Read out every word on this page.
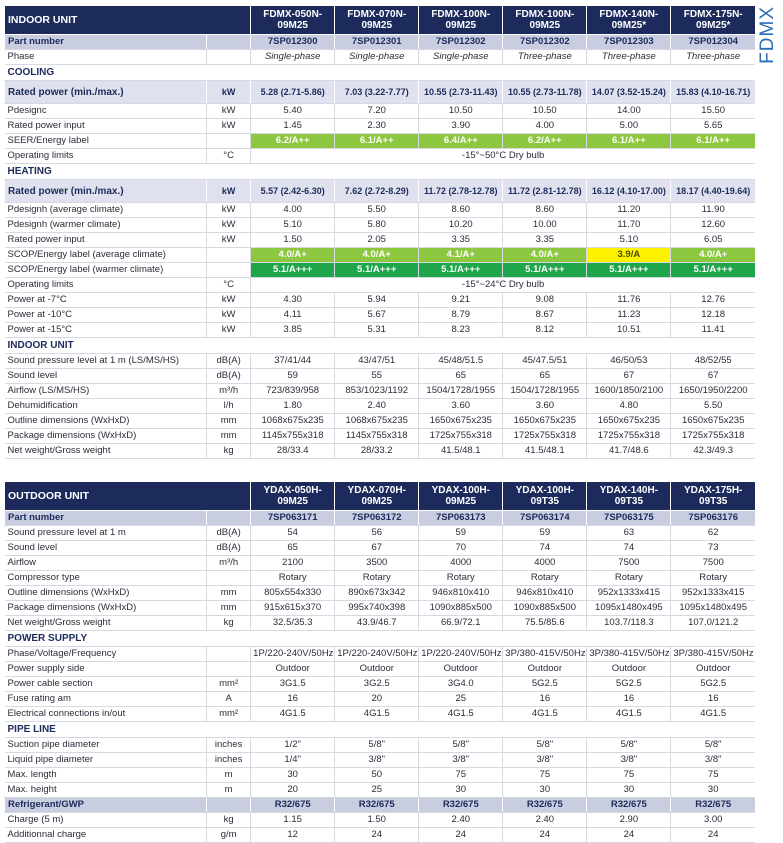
FDMX
INDOOR UNIT		FDMX-050N-09M25	FDMX-070N-09M25	FDMX-100N-09M25	FDMX-100N-09M25	FDMX-140N-09M25*	FDMX-175N-09M25*
Part number		7SP012300	7SP012301	7SP012302	7SP012302	7SP012303	7SP012304
Phase		Single-phase	Single-phase	Single-phase	Three-phase	Three-phase	Three-phase
COOLING							
Rated power (min./max.)	kW	5.28 (2.71-5.86)	7.03 (3.22-7.77)	10.55 (2.73-11.43)	10.55 (2.73-11.78)	14.07 (3.52-15.24)	15.83 (4.10-16.71)
Pdesignc	kW	5.40	7.20	10.50	10.50	14.00	15.50
Rated power input	kW	1.45	2.30	3.90	4.00	5.00	5.65
SEER/Energy label		6.2/A++	6.1/A++	6.4/A++	6.2/A++	6.1/A++	6.1/A++
Operating limits	°C	-15°~50°C Dry bulb					
HEATING							
Rated power (min./max.)	kW	5.57 (2.42-6.30)	7.62 (2.72-8.29)	11.72 (2.78-12.78)	11.72 (2.81-12.78)	16.12 (4.10-17.00)	18.17 (4.40-19.64)
Pdesignh (average climate)	kW	4.00	5.50	8.60	8.60	11.20	11.90
Pdesignh (warmer climate)	kW	5.10	5.80	10.20	10.00	11.70	12.60
Rated power input	kW	1.50	2.05	3.35	3.35	5.10	6.05
SCOP/Energy label (average climate)		4.0/A+	4.0/A+	4.1/A+	4.0/A+	3.9/A	4.0/A+
SCOP/Energy label (warmer climate)		5.1/A+++	5.1/A+++	5.1/A+++	5.1/A+++	5.1/A+++	5.1/A+++
Operating limits	°C	-15°~24°C Dry bulb					
Power at -7°C	kW	4.30	5.94	9.21	9.08	11.76	12.76
Power at -10°C	kW	4.11	5.67	8.79	8.67	11.23	12.18
Power at -15°C	kW	3.85	5.31	8.23	8.12	10.51	11.41
INDOOR UNIT							
Sound pressure level at 1 m (LS/MS/HS)	dB(A)	37/41/44	43/47/51	45/48/51.5	45/47.5/51	46/50/53	48/52/55
Sound level	dB(A)	59	55	65	65	67	67
Airflow (LS/MS/HS)	m³/h	723/839/958	853/1023/1192	1504/1728/1955	1504/1728/1955	1600/1850/2100	1650/1950/2200
Dehumidification	l/h	1.80	2.40	3.60	3.60	4.80	5.50
Outline dimensions (WxHxD)	mm	1068x675x235	1068x675x235	1650x675x235	1650x675x235	1650x675x235	1650x675x235
Package dimensions (WxHxD)	mm	1145x755x318	1145x755x318	1725x755x318	1725x755x318	1725x755x318	1725x755x318
Net weight/Gross weight	kg	28/33.4	28/33.2	41.5/48.1	41.5/48.1	41.7/48.6	42.3/49.3
OUTDOOR UNIT		YDAX-050H-09M25	YDAX-070H-09M25	YDAX-100H-09M25	YDAX-100H-09T35	YDAX-140H-09T35	YDAX-175H-09T35
Part number		7SP063171	7SP063172	7SP063173	7SP063174	7SP063175	7SP063176
Sound pressure level at 1 m	dB(A)	54	56	59	59	63	62
Sound level	dB(A)	65	67	70	74	74	73
Airflow	m³/h	2100	3500	4000	4000	7500	7500
Compressor type		Rotary	Rotary	Rotary	Rotary	Rotary	Rotary
Outline dimensions (WxHxD)	mm	805x554x330	890x673x342	946x810x410	946x810x410	952x1333x415	952x1333x415
Package dimensions (WxHxD)	mm	915x615x370	995x740x398	1090x885x500	1090x885x500	1095x1480x495	1095x1480x495
Net weight/Gross weight	kg	32.5/35.3	43.9/46.7	66.9/72.1	75.5/85.6	103.7/118.3	107.0/121.2
POWER SUPPLY							
Phase/Voltage/Frequency		1P/220-240V/50Hz	1P/220-240V/50Hz	1P/220-240V/50Hz	3P/380-415V/50Hz	3P/380-415V/50Hz	3P/380-415V/50Hz
Power supply side		Outdoor	Outdoor	Outdoor	Outdoor	Outdoor	Outdoor
Power cable section	mm²	3G1.5	3G2.5	3G4.0	5G2.5	5G2.5	5G2.5
Fuse rating am	A	16	20	25	16	16	16
Electrical connections in/out	mm²	4G1.5	4G1.5	4G1.5	4G1.5	4G1.5	4G1.5
PIPE LINE							
Suction pipe diameter	inches	1/2"	5/8"	5/8"	5/8"	5/8"	5/8"
Liquid pipe diameter	inches	1/4"	3/8"	3/8"	3/8"	3/8"	3/8"
Max. length	m	30	50	75	75	75	75
Max. height	m	20	25	30	30	30	30
Refrigerant/GWP		R32/675	R32/675	R32/675	R32/675	R32/675	R32/675
Charge (5 m)	kg	1.15	1.50	2.40	2.40	2.90	3.00
Additionnal charge	g/m	12	24	24	24	24	24
